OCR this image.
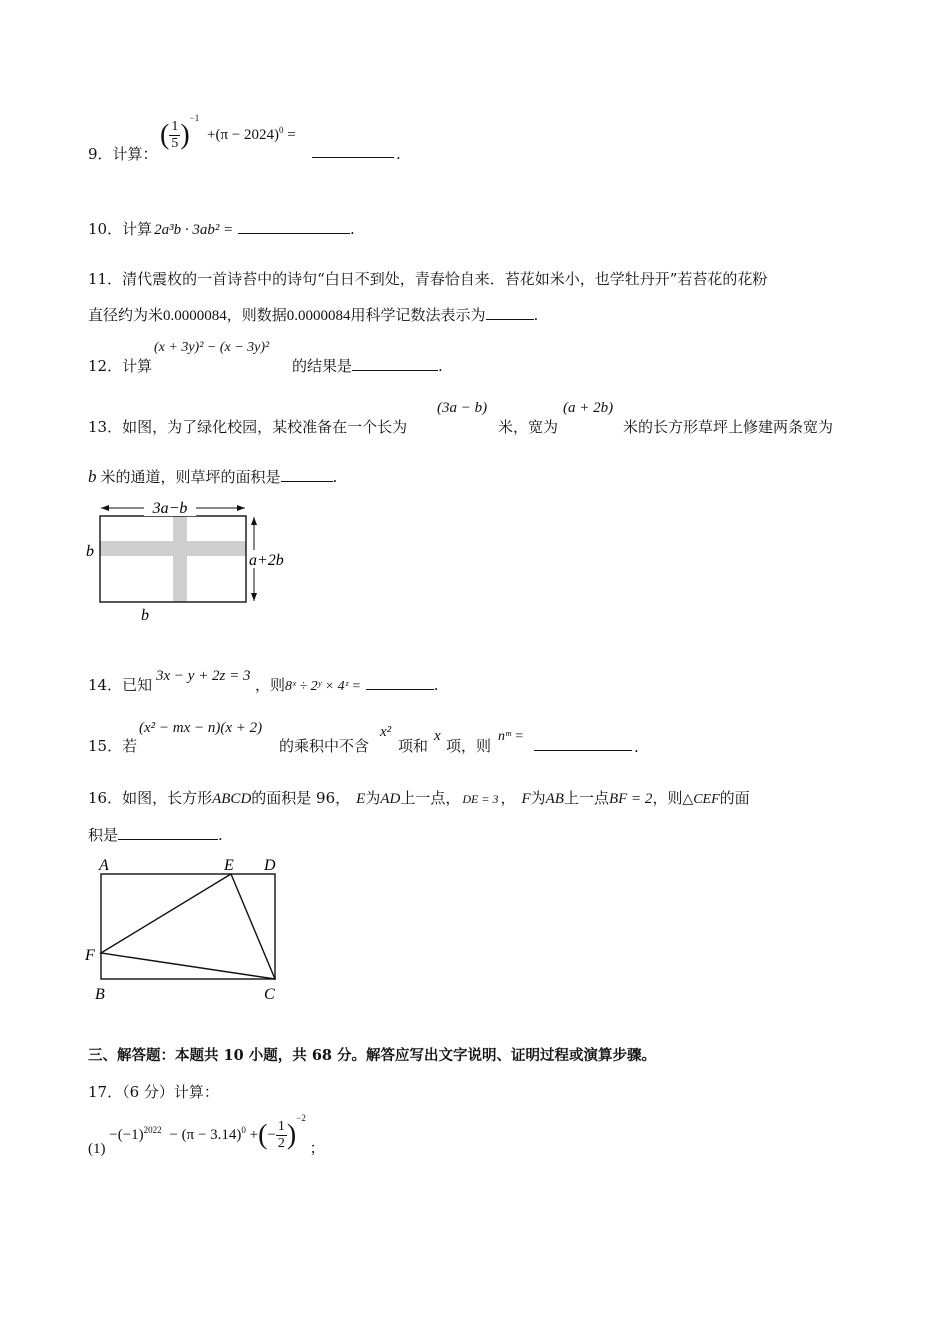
9．计算：
( $\frac{1}{5} )^{-1} +(\pi - 2024)^0$ =
.
10．计算 2a³b · 3ab² =	.
11．清代震枚的一首诗苔中的诗句“白日不到处，青春恰自来．苔花如米小，也学牡丹开”若苔花的花粉
直径约为米0.0000084，则数据0.0000084用科学记数法表示为	.
12．计算
(x + 3y)² − (x − 3y)²
的结果是	.
13．如图，为了绿化校园，某校准备在一个长为
(3a − b)
米，宽为
(a + 2b)
米的长方形草坪上修建两条宽为
b 米的通道，则草坪的面积是	.
3a−b
a+2b
b
b
14．已知 3x − y + 2z = 3 ，则8ˣ ÷ 2ʸ × 4ᶻ =	.
15．若
(x² − mx − n)(x + 2)
的乘积中不含
x²
项和
x
项，则
nᵐ =
.
16．如图，长方形ABCD的面积是 96， E为AD上一点， DE = 3 ， F为AB上一点BF = 2，则△CEF的面
积是	.
A	E D
F
B	C
三、解答题：本题共 10 小题，共 68 分。解答应写出文字说明、证明过程或演算步骤。
17．（6 分）计算：
$(1) -(-1)^{2022} - (\pi - 3.14)^0$ +(− $\frac{1}{2} )^{-2}$ ；
